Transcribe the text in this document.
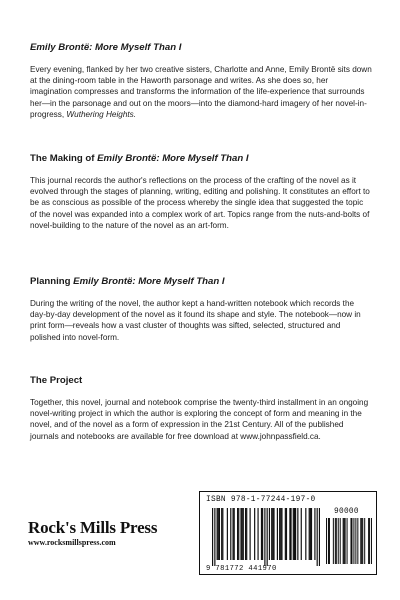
Emily Brontë: More Myself Than I

Every evening, flanked by her two creative sisters, Charlotte and Anne, Emily Brontë sits down at the dining-room table in the Haworth parsonage and writes. As she does so, her imagination compresses and transforms the information of the life-experience that surrounds her—in the parsonage and out on the moors—into the diamond-hard imagery of her novel-in-progress, Wuthering Heights.

The Making of Emily Brontë: More Myself Than I

This journal records the author's reflections on the process of the crafting of the novel as it evolved through the stages of planning, writing, editing and polishing. It constitutes an effort to be as conscious as possible of the process whereby the single idea that suggested the topic of the novel was expanded into a complex work of art. Topics range from the nuts-and-bolts of novel-building to the nature of the novel as an art-form.

Planning Emily Brontë: More Myself Than I

During the writing of the novel, the author kept a hand-written notebook which records the day-by-day development of the novel as it found its shape and style. The notebook—now in print form—reveals how a vast cluster of thoughts was sifted, selected, structured and polished into novel-form.

The Project

Together, this novel, journal and notebook comprise the twenty-third installment in an ongoing novel-writing project in which the author is exploring the concept of form and meaning in the novel, and of the novel as a form of expression in the 21st Century. All of the published journals and notebooks are available for free download at www.johnpassfield.ca.

Rock's Mills Press
www.rocksmillspress.com
ISBN 978-1-77244-197-0
90000
9 781772 441970
